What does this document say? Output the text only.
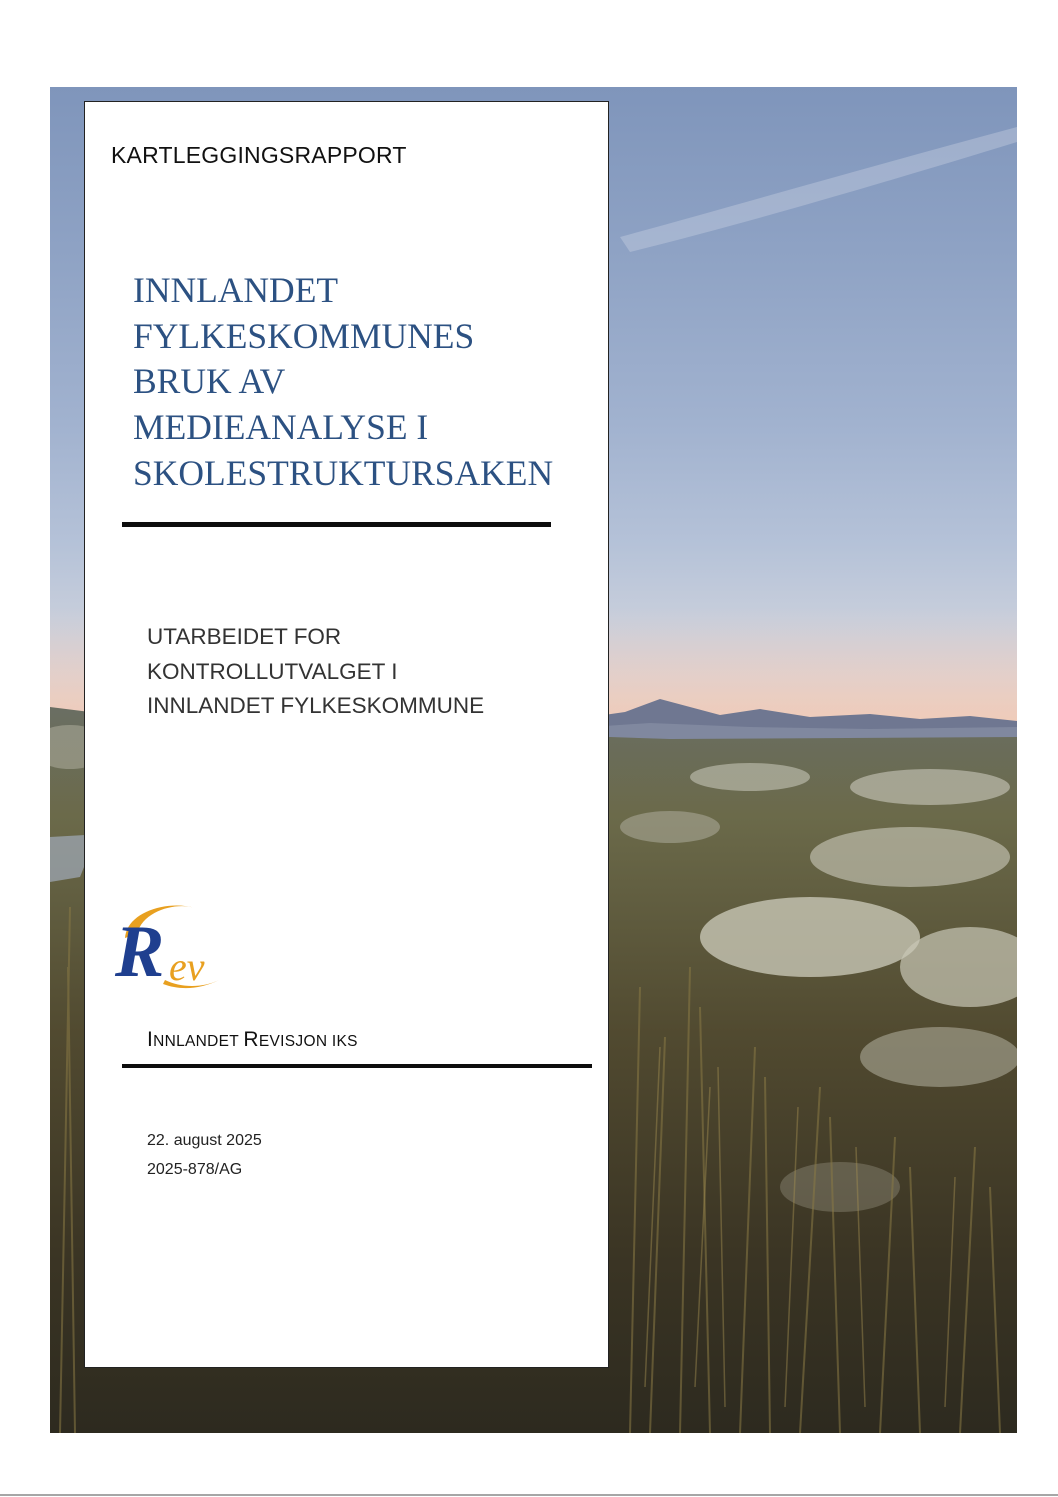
KARTLEGGINGSRAPPORT

INNLANDET
FYLKESKOMMUNES
BRUK AV
MEDIEANALYSE I
SKOLESTRUKTURSAKEN

UTARBEIDET FOR
KONTROLLUTVALGET I
INNLANDET FYLKESKOMMUNE

R ev

INNLANDET REVISJON IKS

22. august 2025
2025-878/AG
